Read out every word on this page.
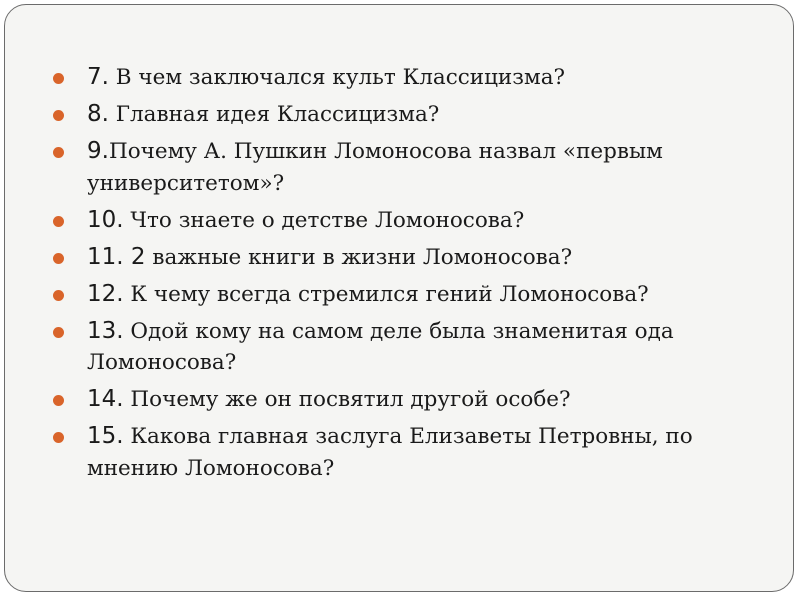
7. В чем заключался культ Классицизма?
8. Главная идея Классицизма?
9.Почему А. Пушкин Ломоносова назвал «первым университетом»?
10. Что знаете о детстве Ломоносова?
11. 2 важные книги в жизни Ломоносова?
12. К чему всегда стремился гений Ломоносова?
13. Одой кому на самом деле была знаменитая ода Ломоносова?
14. Почему же он посвятил другой особе?
15. Какова главная заслуга Елизаветы Петровны, по мнению Ломоносова?
